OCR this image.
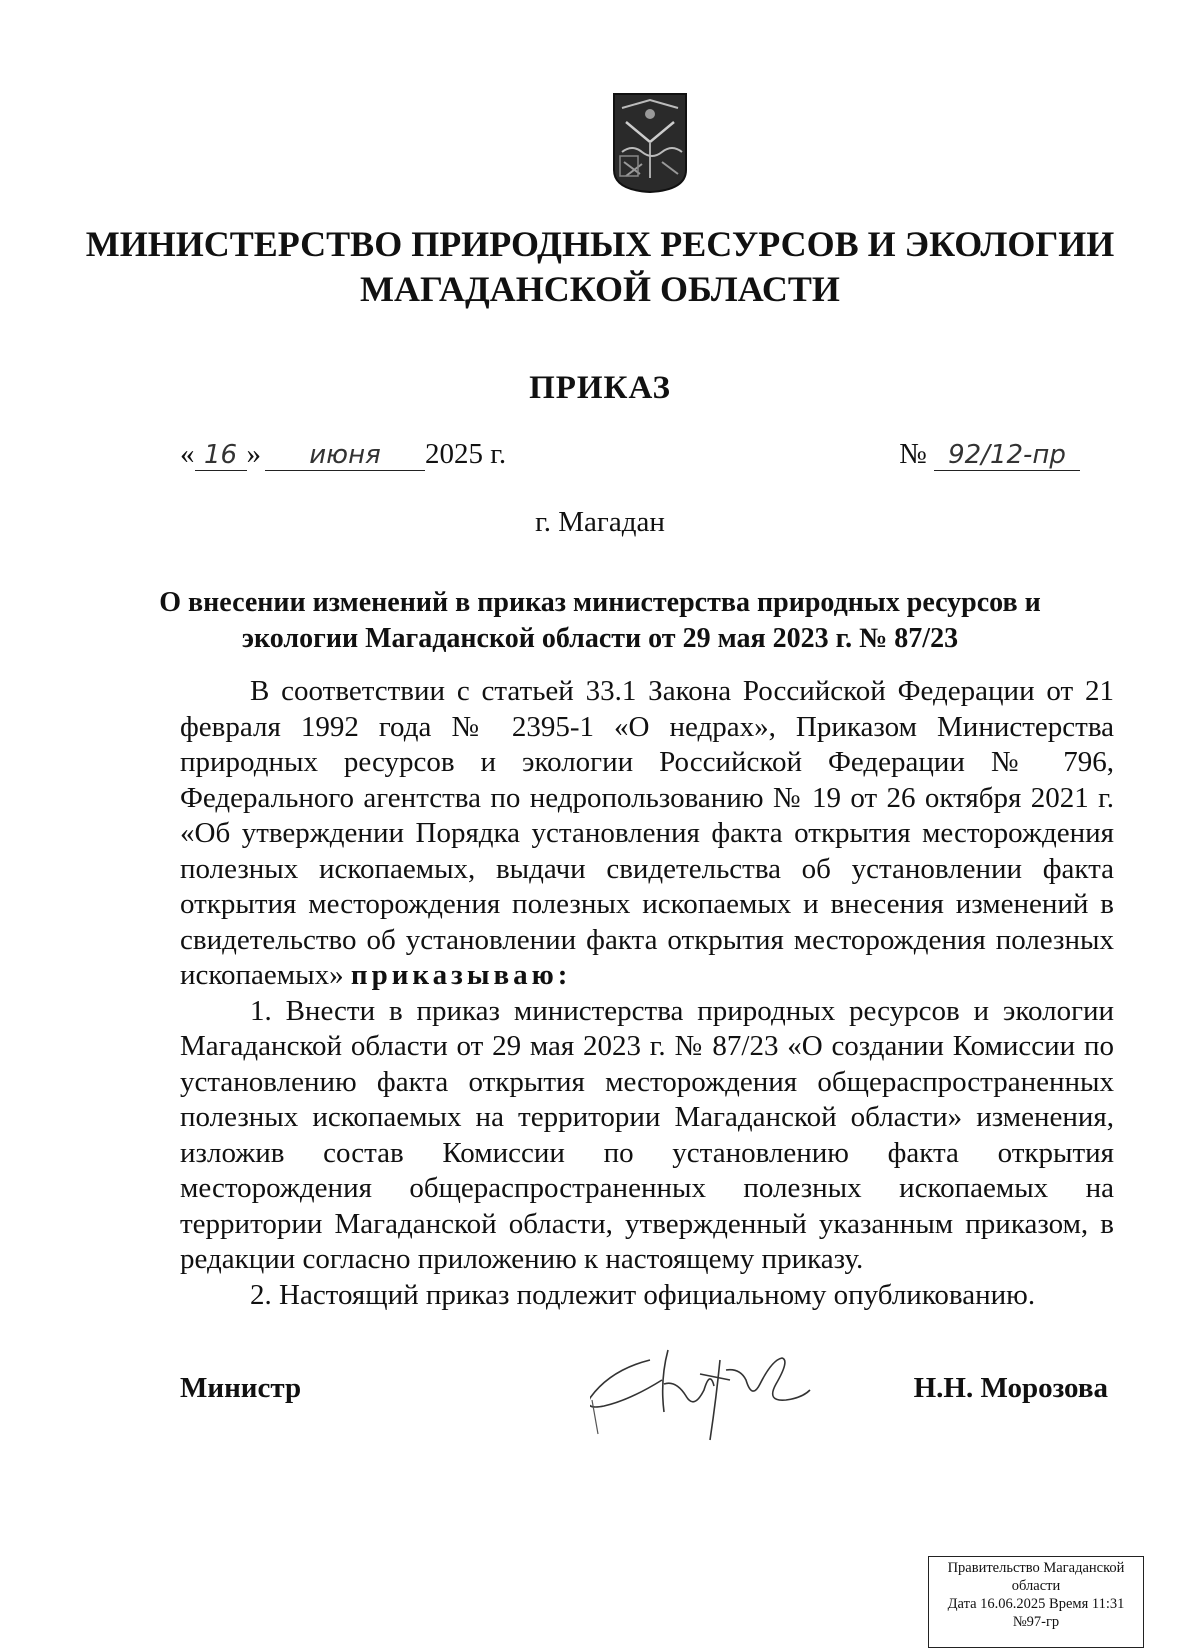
МИНИСТЕРСТВО ПРИРОДНЫХ РЕСУРСОВ И ЭКОЛОГИИ
МАГАДАНСКОЙ ОБЛАСТИ
ПРИКАЗ
« 16 » июня 2025 г.	№ 92/12-пр
г. Магадан
О внесении изменений в приказ министерства природных ресурсов и
экологии Магаданской области от 29 мая 2023 г. № 87/23

В соответствии с статьей 33.1 Закона Российской Федерации от 21 февраля 1992 года № 2395-1 «О недрах», Приказом Министерства природных ресурсов и экологии Российской Федерации № 796, Федерального агентства по недропользованию № 19 от 26 октября 2021 г. «Об утверждении Порядка установления факта открытия месторождения полезных ископаемых, выдачи свидетельства об установлении факта открытия месторождения полезных ископаемых и внесения изменений в свидетельство об установлении факта открытия месторождения полезных ископаемых» приказываю:

1. Внести в приказ министерства природных ресурсов и экологии Магаданской области от 29 мая 2023 г. № 87/23 «О создании Комиссии по установлению факта открытия месторождения общераспространенных полезных ископаемых на территории Магаданской области» изменения, изложив состав Комиссии по установлению факта открытия месторождения общераспространенных полезных ископаемых на территории Магаданской области, утвержденный указанным приказом, в редакции согласно приложению к настоящему приказу.

2. Настоящий приказ подлежит официальному опубликованию.

Министр	Н.Н. Морозова
Правительство Магаданской
области
Дата 16.06.2025 Время 11:31
№97-гр
